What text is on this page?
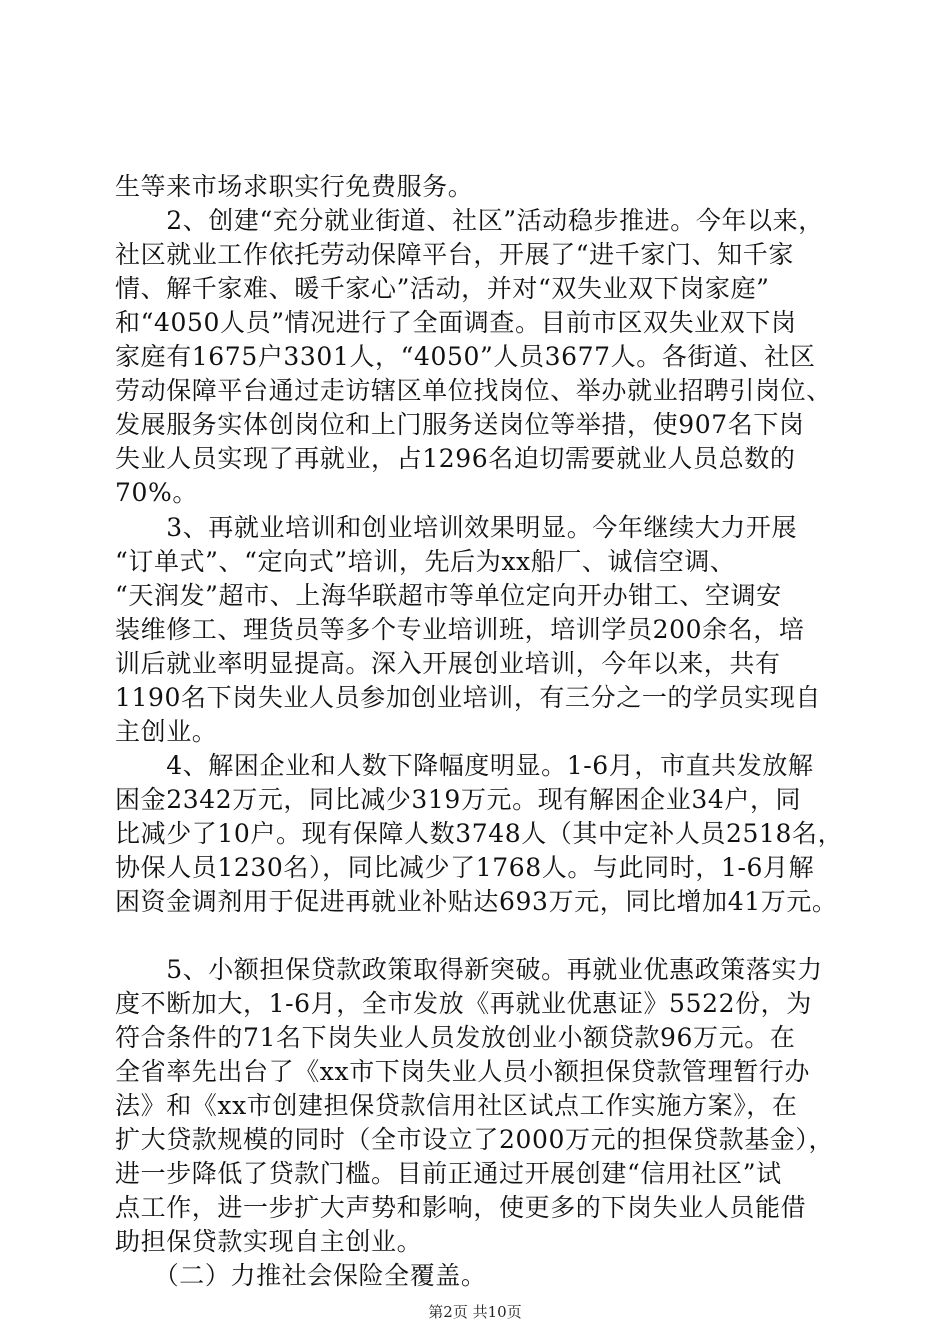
生等来市场求职实行免费服务。
　　2、创建“充分就业街道、社区”活动稳步推进。今年以来，
社区就业工作依托劳动保障平台，开展了“进千家门、知千家
情、解千家难、暖千家心”活动，并对“双失业双下岗家庭”
和“4050人员”情况进行了全面调查。目前市区双失业双下岗
家庭有1675户3301人，“4050”人员3677人。各街道、社区
劳动保障平台通过走访辖区单位找岗位、举办就业招聘引岗位、
发展服务实体创岗位和上门服务送岗位等举措，使907名下岗
失业人员实现了再就业，占1296名迫切需要就业人员总数的
70%。
　　3、再就业培训和创业培训效果明显。今年继续大力开展
“订单式”、“定向式”培训，先后为xx船厂、诚信空调、
“天润发”超市、上海华联超市等单位定向开办钳工、空调安
装维修工、理货员等多个专业培训班，培训学员200余名，培
训后就业率明显提高。深入开展创业培训，今年以来，共有
1190名下岗失业人员参加创业培训，有三分之一的学员实现自
主创业。
　　4、解困企业和人数下降幅度明显。1-6月，市直共发放解
困金2342万元，同比减少319万元。现有解困企业34户，同
比减少了10户。现有保障人数3748人（其中定补人员2518名，
协保人员1230名），同比减少了1768人。与此同时，1-6月解
困资金调剂用于促进再就业补贴达693万元，同比增加41万元。
　　5、小额担保贷款政策取得新突破。再就业优惠政策落实力
度不断加大，1-6月，全市发放《再就业优惠证》5522份，为
符合条件的71名下岗失业人员发放创业小额贷款96万元。在
全省率先出台了《xx市下岗失业人员小额担保贷款管理暂行办
法》和《xx市创建担保贷款信用社区试点工作实施方案》，在
扩大贷款规模的同时（全市设立了2000万元的担保贷款基金），
进一步降低了贷款门槛。目前正通过开展创建“信用社区”试
点工作，进一步扩大声势和影响，使更多的下岗失业人员能借
助担保贷款实现自主创业。
　　（二）力推社会保险全覆盖。
第2页 共10页
